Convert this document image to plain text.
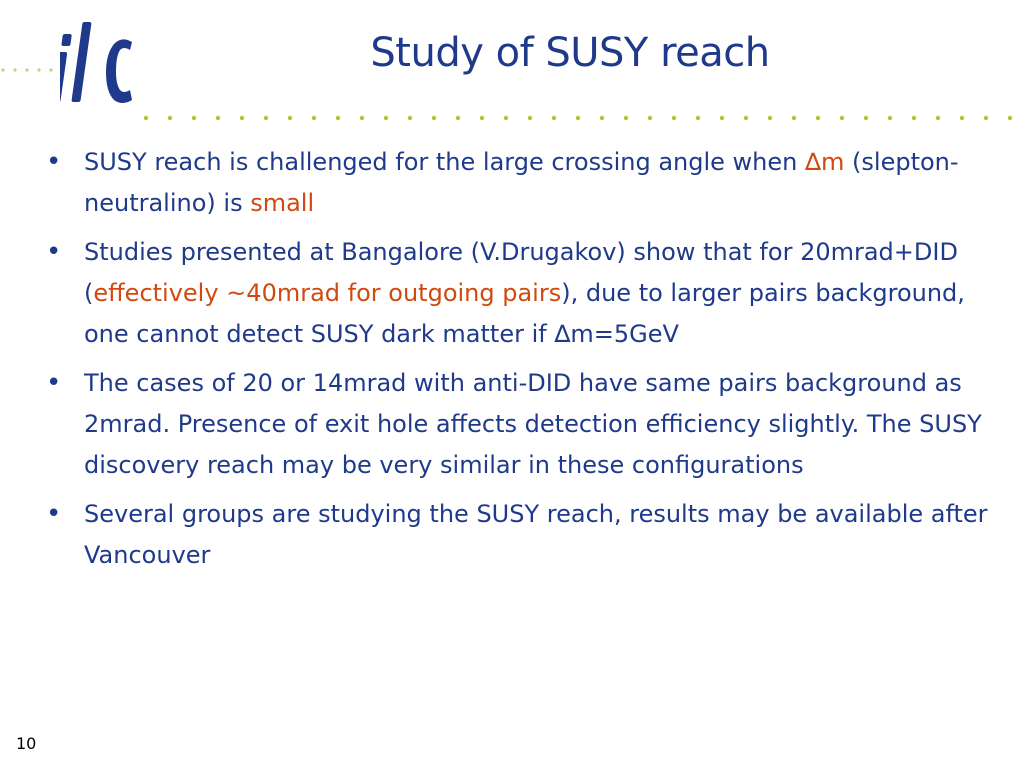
Study of SUSY reach
• SUSY reach is challenged for the large crossing angle when ∆m (slepton-neutralino) is small
• Studies presented at Bangalore (V.Drugakov) show that for 20mrad+DID (effectively ~40mrad for outgoing pairs), due to larger pairs background, one cannot detect SUSY dark matter if ∆m=5GeV
• The cases of 20 or 14mrad with anti-DID have same pairs background as 2mrad. Presence of exit hole affects detection efficiency slightly. The SUSY discovery reach may be very similar in these configurations
• Several groups are studying the SUSY reach, results may be available after Vancouver
10
